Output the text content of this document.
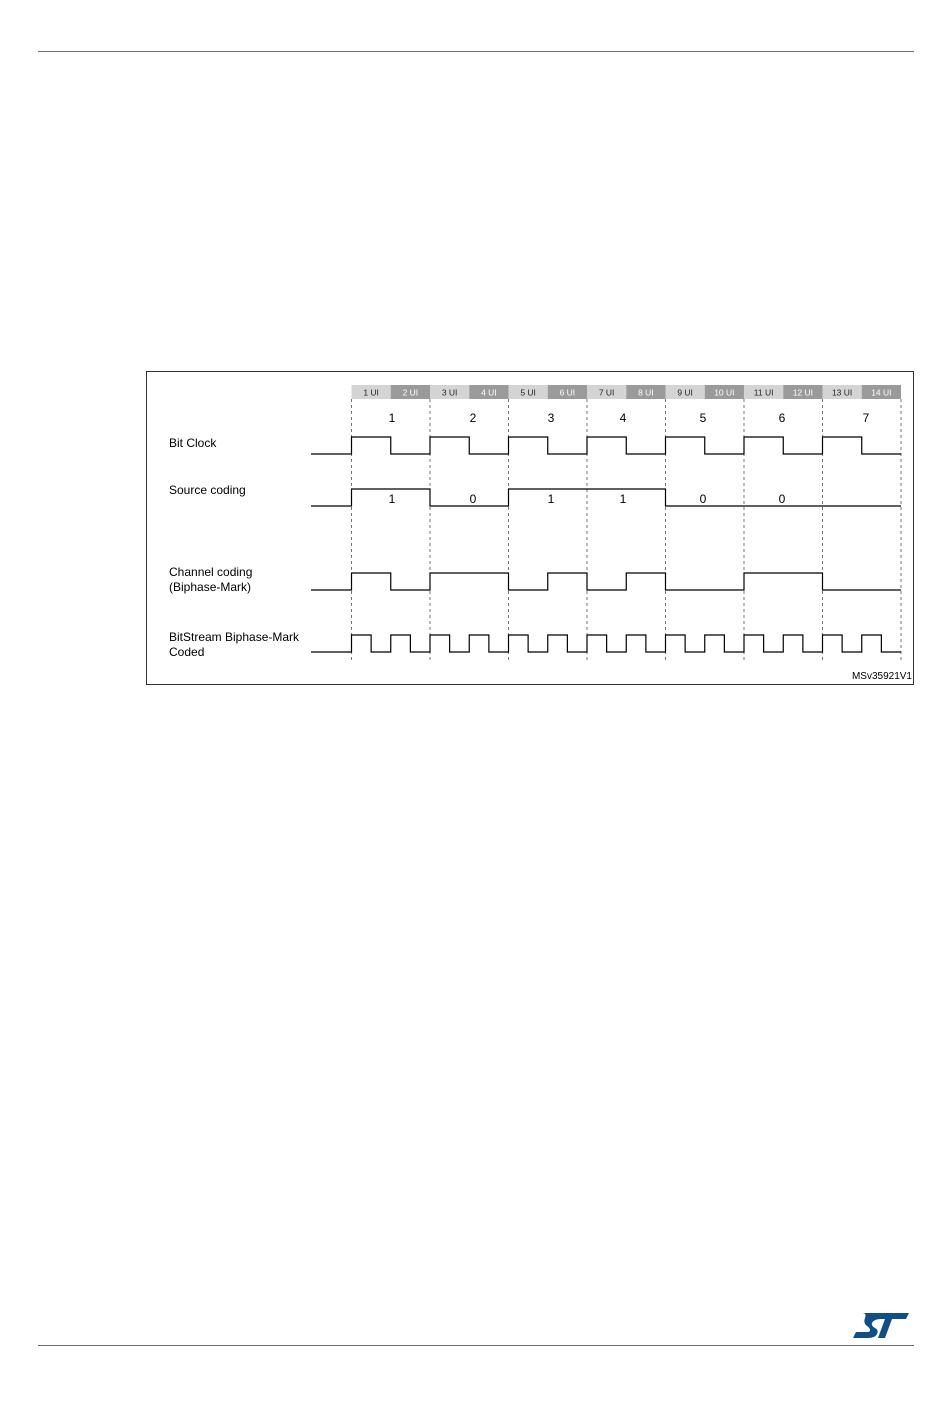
1 UI	2 UI	3 UI	4 UI	5 UI	6 UI	7 UI	8 UI	9 UI	10 UI 11 UI 12 UI 13 UI 14 UI
1	2	3	4	5	6	7
Bit Clock
Source coding
Channel coding
(Biphase-Mark)
BitStream Biphase-Mark
Coded
1	0	1	1	0	0
MSv35921V1
